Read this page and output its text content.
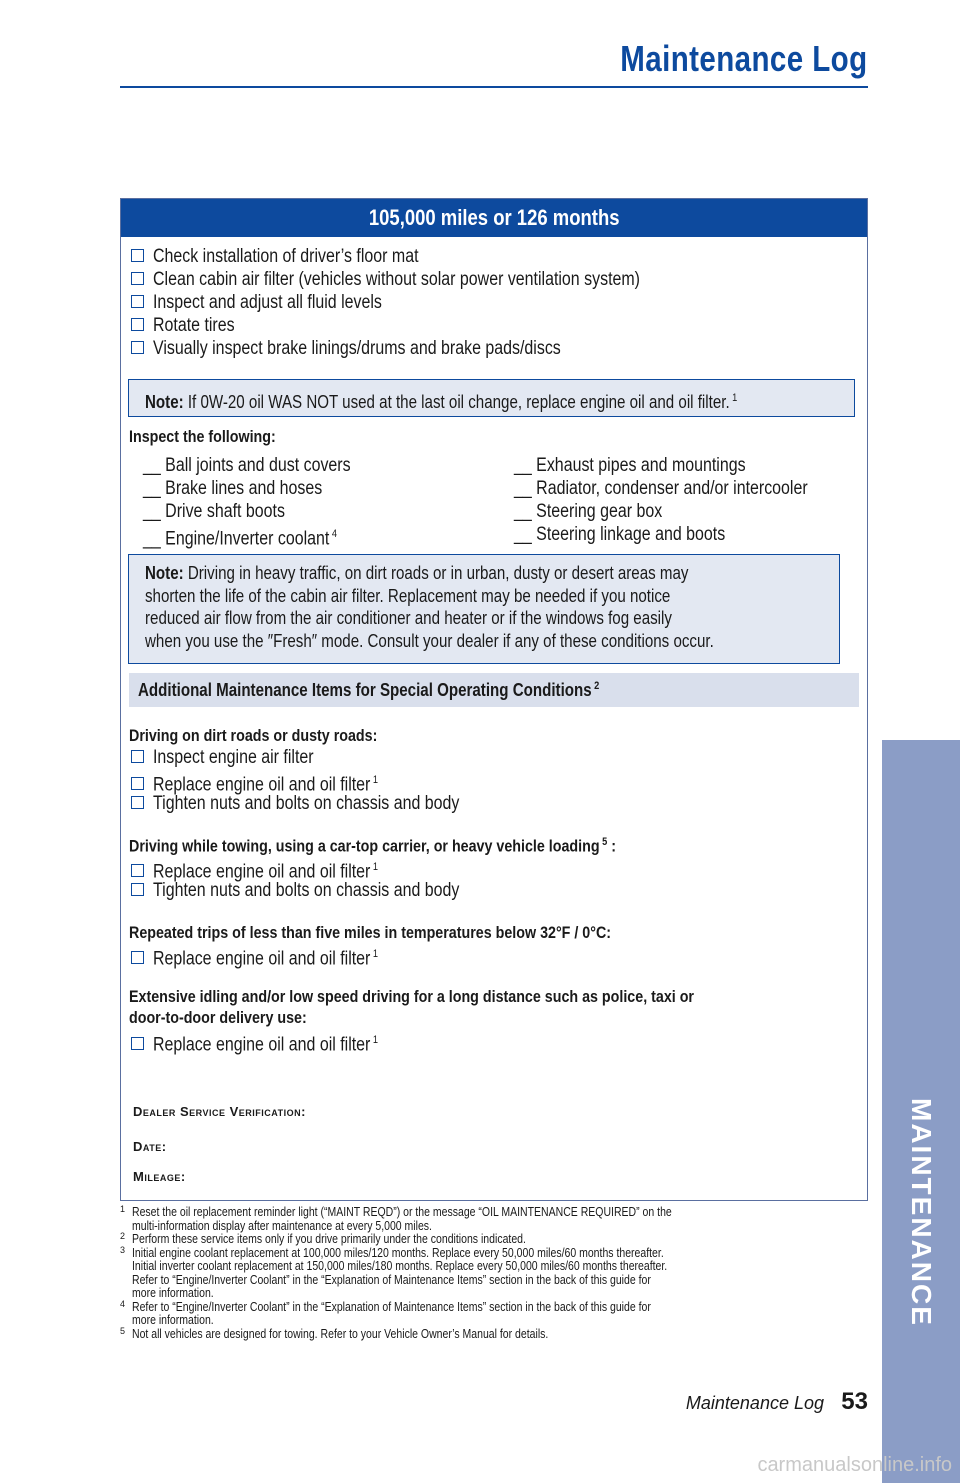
Maintenance Log
105,000 miles or 126 months
Check installation of driver’s floor mat
Clean cabin air filter (vehicles without solar power ventilation system)
Inspect and adjust all fluid levels
Rotate tires
Visually inspect brake linings/drums and brake pads/discs
Note: If 0W-20 oil WAS NOT used at the last oil change, replace engine oil and oil filter. $^1$
Inspect the following:
__ Ball joints and dust covers
__ Brake lines and hoses
__ Drive shaft boots
__ Engine/Inverter coolant $^4$
__ Exhaust pipes and mountings
__ Radiator, condenser and/or intercooler
__ Steering gear box
__ Steering linkage and boots
Note: Driving in heavy traffic, on dirt roads or in urban, dusty or desert areas may
shorten the life of the cabin air filter. Replacement may be needed if you notice
reduced air flow from the air conditioner and heater or if the windows fog easily
when you use the ″Fresh″ mode. Consult your dealer if any of these conditions occur.
Additional Maintenance Items for Special Operating Conditions $^2$
Driving on dirt roads or dusty roads:
Inspect engine air filter
Replace engine oil and oil filter $^1$
Tighten nuts and bolts on chassis and body
Driving while towing, using a car-top carrier, or heavy vehicle loading $^5$ :
Replace engine oil and oil filter $^1$
Tighten nuts and bolts on chassis and body
Repeated trips of less than five miles in temperatures below 32°F / 0°C:
Replace engine oil and oil filter $^1$
Extensive idling and/or low speed driving for a long distance such as police, taxi or
door-to-door delivery use:
Replace engine oil and oil filter $^1$
Dealer Service Verification:
Date:
Mileage:
1 Reset the oil replacement reminder light (“MAINT REQD”) or the message “OIL MAINTENANCE REQUIRED” on the
multi-information display after maintenance at every 5,000 miles.
2 Perform these service items only if you drive primarily under the conditions indicated.
3 Initial engine coolant replacement at 100,000 miles/120 months. Replace every 50,000 miles/60 months thereafter.
Initial inverter coolant replacement at 150,000 miles/180 months. Replace every 50,000 miles/60 months thereafter.
Refer to “Engine/Inverter Coolant” in the “Explanation of Maintenance Items” section in the back of this guide for
more information.
4 Refer to “Engine/Inverter Coolant” in the “Explanation of Maintenance Items” section in the back of this guide for
more information.
5 Not all vehicles are designed for towing. Refer to your Vehicle Owner’s Manual for details.
Maintenance Log 53
carmanualsonline.info
